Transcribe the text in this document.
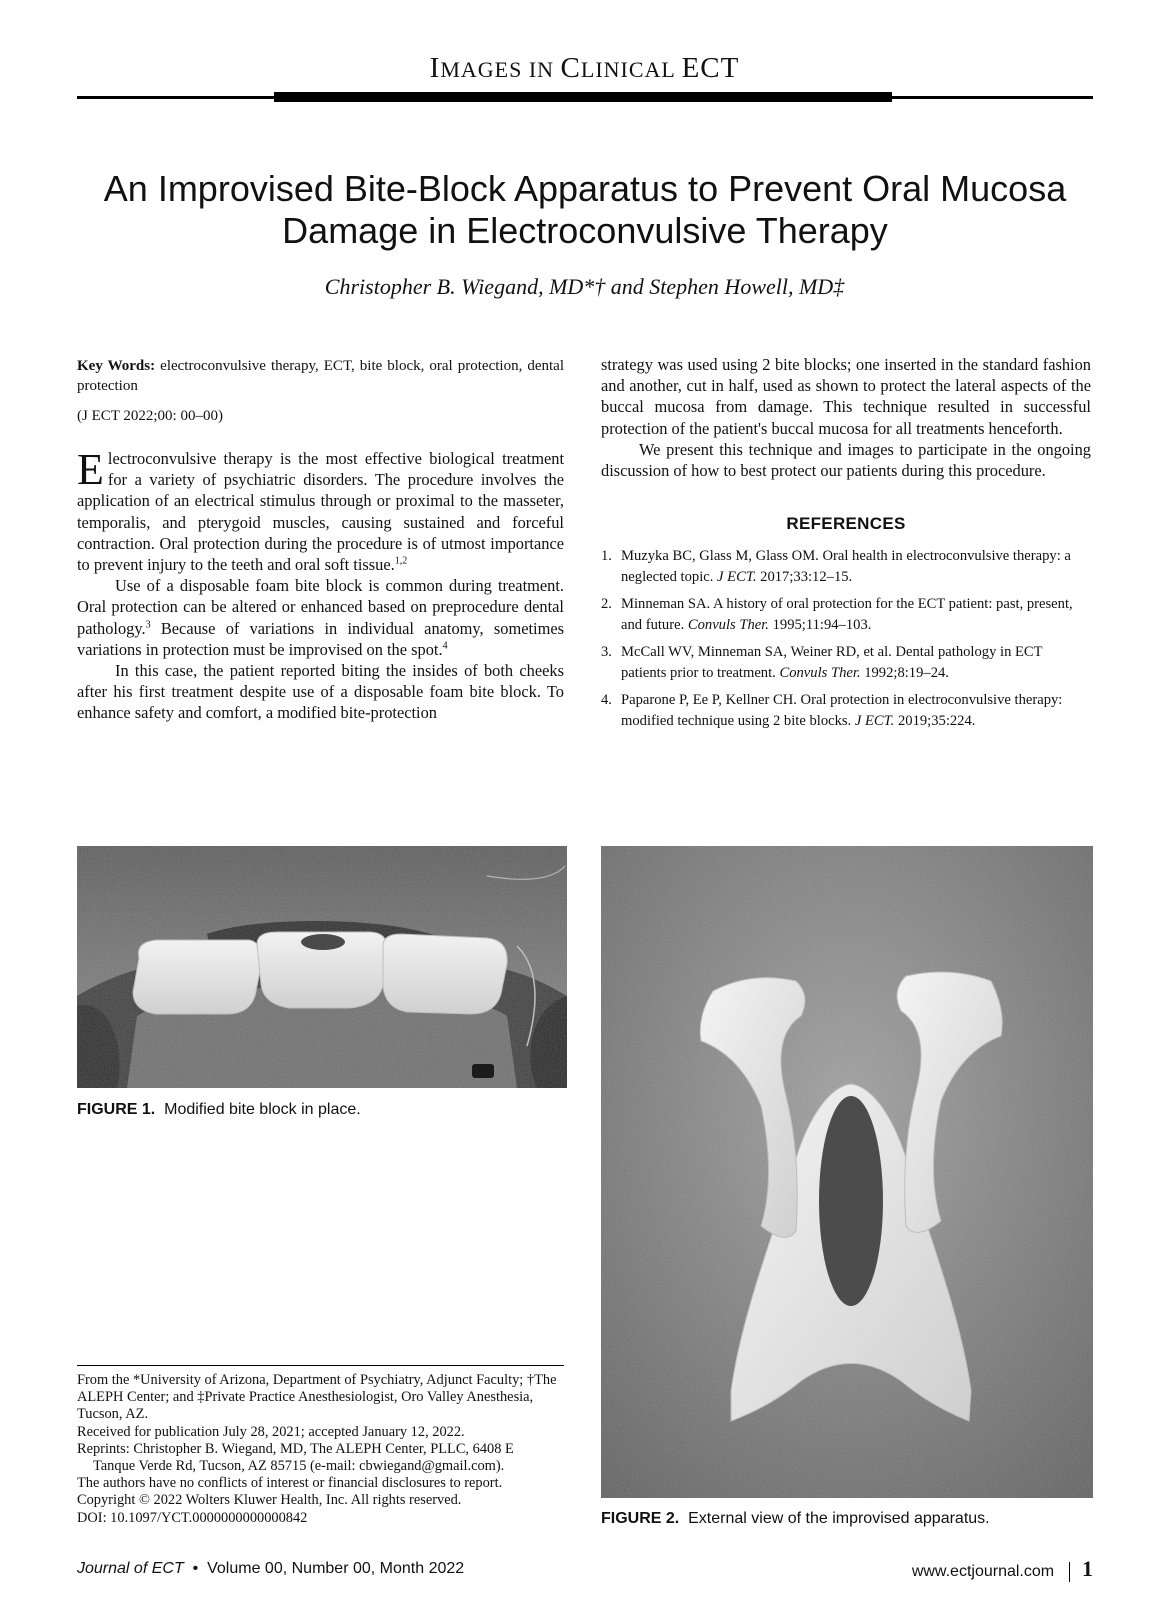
IMAGES IN CLINICAL ECT
An Improvised Bite-Block Apparatus to Prevent Oral Mucosa
Damage in Electroconvulsive Therapy
Christopher B. Wiegand, MD*† and Stephen Howell, MD‡

Key Words: electroconvulsive therapy, ECT, bite block, oral protection, dental protection

(J ECT 2022;00: 00–00)

Electroconvulsive therapy is the most effective biological treatment for a variety of psychiatric disorders. The procedure involves the application of an electrical stimulus through or proximal to the masseter, temporalis, and pterygoid muscles, causing sustained and forceful contraction. Oral protection during the procedure is of utmost importance to prevent injury to the teeth and oral soft tissue.$^{1,2}$

Use of a disposable foam bite block is common during treatment. Oral protection can be altered or enhanced based on preprocedure dental pathology.$^3$ Because of variations in individual anatomy, sometimes variations in protection must be improvised on the spot.$^4$

In this case, the patient reported biting the insides of both cheeks after his first treatment despite use of a disposable foam bite block. To enhance safety and comfort, a modified bite-protection

strategy was used using 2 bite blocks; one inserted in the standard fashion and another, cut in half, used as shown to protect the lateral aspects of the buccal mucosa from damage. This technique resulted in successful protection of the patient's buccal mucosa for all treatments henceforth.

We present this technique and images to participate in the ongoing discussion of how to best protect our patients during this procedure.

REFERENCES
1. Muzyka BC, Glass M, Glass OM. Oral health in electroconvulsive therapy: a neglected topic. J ECT. 2017;33:12–15.
2. Minneman SA. A history of oral protection for the ECT patient: past, present, and future. Convuls Ther. 1995;11:94–103.
3. McCall WV, Minneman SA, Weiner RD, et al. Dental pathology in ECT patients prior to treatment. Convuls Ther. 1992;8:19–24.
4. Paparone P, Ee P, Kellner CH. Oral protection in electroconvulsive therapy: modified technique using 2 bite blocks. J ECT. 2019;35:224.
FIGURE 1. Modified bite block in place.
FIGURE 2. External view of the improvised apparatus.
From the *University of Arizona, Department of Psychiatry, Adjunct Faculty; †The ALEPH Center; and ‡Private Practice Anesthesiologist, Oro Valley Anesthesia, Tucson, AZ.
Received for publication July 28, 2021; accepted January 12, 2022.
Reprints: Christopher B. Wiegand, MD, The ALEPH Center, PLLC, 6408 E
Tanque Verde Rd, Tucson, AZ 85715 (e-mail: cbwiegand@gmail.com).
The authors have no conflicts of interest or financial disclosures to report.
Copyright © 2022 Wolters Kluwer Health, Inc. All rights reserved.
DOI: 10.1097/YCT.0000000000000842
Journal of ECT • Volume 00, Number 00, Month 2022	www.ectjournal.com 1
